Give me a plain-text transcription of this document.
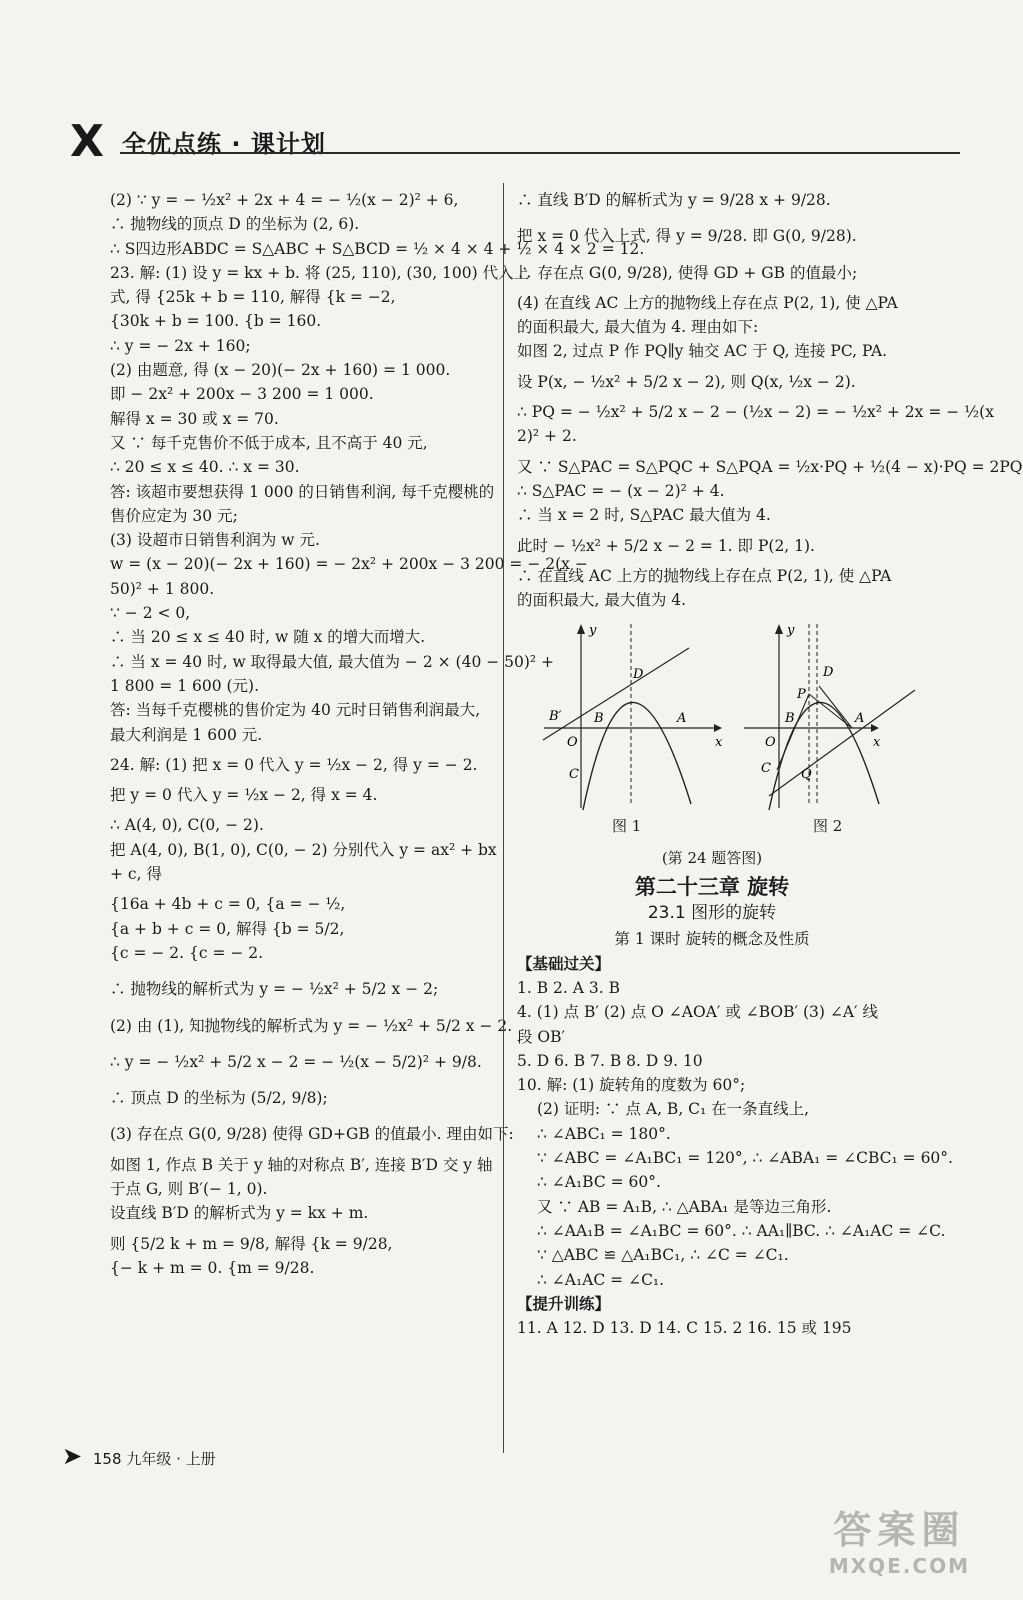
X 全优点练 · 课计划
(2) ∵ y = − ½x² + 2x + 4 = − ½(x − 2)² + 6,
∴ 抛物线的顶点 D 的坐标为 (2, 6).
∴ S四边形ABDC = S△ABC + S△BCD = ½ × 4 × 4 + ½ × 4 × 2 = 12.
23. 解: (1) 设 y = kx + b. 将 (25, 110), (30, 100) 代入上
式, 得 {25k + b = 110, 解得 {k = −2,
{30k + b = 100. {b = 160.
∴ y = − 2x + 160;
(2) 由题意, 得 (x − 20)(− 2x + 160) = 1 000.
即 − 2x² + 200x − 3 200 = 1 000.
解得 x = 30 或 x = 70.
又 ∵ 每千克售价不低于成本, 且不高于 40 元,
∴ 20 ≤ x ≤ 40. ∴ x = 30.
答: 该超市要想获得 1 000 的日销售利润, 每千克樱桃的
售价应定为 30 元;
(3) 设超市日销售利润为 w 元.
w = (x − 20)(− 2x + 160) = − 2x² + 200x − 3 200 = − 2(x −
50)² + 1 800.
∵ − 2 < 0,
∴ 当 20 ≤ x ≤ 40 时, w 随 x 的增大而增大.
∴ 当 x = 40 时, w 取得最大值, 最大值为 − 2 × (40 − 50)² +
1 800 = 1 600 (元).
答: 当每千克樱桃的售价定为 40 元时日销售利润最大,
最大利润是 1 600 元.
24. 解: (1) 把 x = 0 代入 y = ½x − 2, 得 y = − 2.
把 y = 0 代入 y = ½x − 2, 得 x = 4.
∴ A(4, 0), C(0, − 2).
把 A(4, 0), B(1, 0), C(0, − 2) 分别代入 y = ax² + bx
+ c, 得
{16a + 4b + c = 0, {a = − ½,
{a + b + c = 0, 解得 {b = 5/2,
{c = − 2. {c = − 2.
∴ 抛物线的解析式为 y = − ½x² + 5/2 x − 2;
(2) 由 (1), 知抛物线的解析式为 y = − ½x² + 5/2 x − 2.
∴ y = − ½x² + 5/2 x − 2 = − ½(x − 5/2)² + 9/8.
∴ 顶点 D 的坐标为 (5/2, 9/8);
(3) 存在点 G(0, 9/28) 使得 GD+GB 的值最小. 理由如下:
如图 1, 作点 B 关于 y 轴的对称点 B′, 连接 B′D 交 y 轴
于点 G, 则 B′(− 1, 0).
设直线 B′D 的解析式为 y = kx + m.
则 {5/2 k + m = 9/8, 解得 {k = 9/28,
{− k + m = 0. {m = 9/28.
∴ 直线 B′D 的解析式为 y = 9/28 x + 9/28.
把 x = 0 代入上式, 得 y = 9/28. 即 G(0, 9/28).
∴ 存在点 G(0, 9/28), 使得 GD + GB 的值最小;
(4) 在直线 AC 上方的抛物线上存在点 P(2, 1), 使 △PA
的面积最大, 最大值为 4. 理由如下:
如图 2, 过点 P 作 PQ∥y 轴交 AC 于 Q, 连接 PC, PA.
设 P(x, − ½x² + 5/2 x − 2), 则 Q(x, ½x − 2).
∴ PQ = − ½x² + 5/2 x − 2 − (½x − 2) = − ½x² + 2x = − ½(x
2)² + 2.
又 ∵ S△PAC = S△PQC + S△PQA = ½x·PQ + ½(4 − x)·PQ = 2PQ
∴ S△PAC = − (x − 2)² + 4.
∴ 当 x = 2 时, S△PAC 最大值为 4.
此时 − ½x² + 5/2 x − 2 = 1. 即 P(2, 1).
∴ 在直线 AC 上方的抛物线上存在点 P(2, 1), 使 △PA
的面积最大, 最大值为 4.
y
x
O
D
B′ B	A
C
y
x
O
D
P
B	A
C Q
图 1	图 2
(第 24 题答图)
第二十三章 旋转
23.1 图形的旋转
第 1 课时 旋转的概念及性质
【基础过关】
1. B 2. A 3. B
4. (1) 点 B′ (2) 点 O ∠AOA′ 或 ∠BOB′ (3) ∠A′ 线
段 OB′
5. D 6. B 7. B 8. D 9. 10
10. 解: (1) 旋转角的度数为 60°;
(2) 证明: ∵ 点 A, B, C₁ 在一条直线上,
∴ ∠ABC₁ = 180°.
∵ ∠ABC = ∠A₁BC₁ = 120°, ∴ ∠ABA₁ = ∠CBC₁ = 60°.
∴ ∠A₁BC = 60°.
又 ∵ AB = A₁B, ∴ △ABA₁ 是等边三角形.
∴ ∠AA₁B = ∠A₁BC = 60°. ∴ AA₁∥BC. ∴ ∠A₁AC = ∠C.
∵ △ABC ≌ △A₁BC₁, ∴ ∠C = ∠C₁.
∴ ∠A₁AC = ∠C₁.
【提升训练】
11. A 12. D 13. D 14. C 15. 2 16. 15 或 195
➤ 158 九年级 · 上册
答案圈
MXQE.COM
